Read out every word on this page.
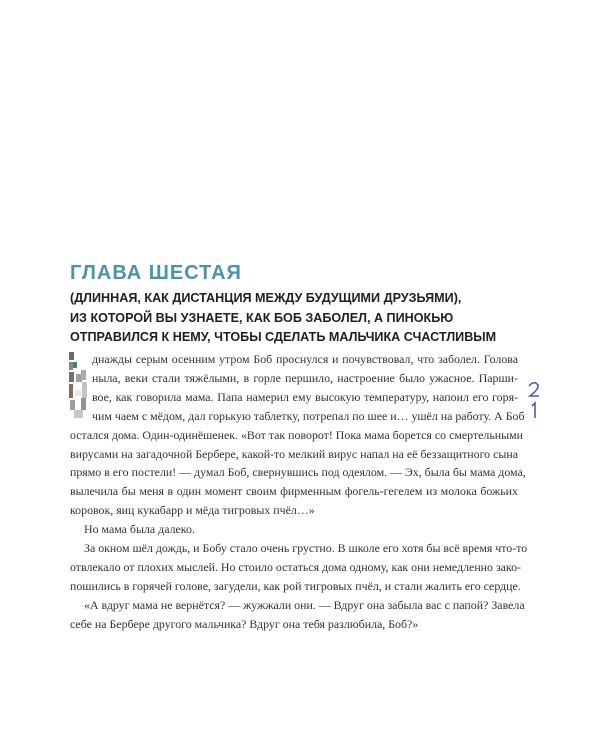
ГЛАВА ШЕСТАЯ
(ДЛИННАЯ, КАК ДИСТАНЦИЯ МЕЖДУ БУДУЩИМИ ДРУЗЬЯМИ),
ИЗ КОТОРОЙ ВЫ УЗНАЕТЕ, КАК БОБ ЗАБОЛЕЛ, А ПИНОКЬЮ
ОТПРАВИЛСЯ К НЕМУ, ЧТОБЫ СДЕЛАТЬ МАЛЬЧИКА СЧАСТЛИВЫМ

днажды серым осенним утром Боб проснулся и почувствовал, что заболел. Голова
ныла, веки стали тяжёлыми, в горле першило, настроение было ужасное. Парши-
вое, как говорила мама. Папа намерил ему высокую температуру, напоил его горя-
чим чаем с мёдом, дал горькую таблетку, потрепал по шее и… ушёл на работу. А Боб
остался дома. Один-одинёшенек. «Вот так поворот! Пока мама борется со смертельными
вирусами на загадочной Бербере, какой-то мелкий вирус напал на её беззащитного сына
прямо в его постели! — думал Боб, свернувшись под одеялом. — Эх, была бы мама дома,
вылечила бы меня в один момент своим фирменным фогель-гегелем из молока божьих
коровок, яиц кукабарр и мёда тигровых пчёл…»

Но мама была далеко.

За окном шёл дождь, и Бобу стало очень грустно. В школе его хотя бы всё время что-то
отвлекало от плохих мыслей. Но стоило остаться дома одному, как они немедленно зако-
пошились в горячей голове, загудели, как рой тигровых пчёл, и стали жалить его сердце.

«А вдруг мама не вернётся? — жужжали они. — Вдруг она забыла вас с папой? Завела
себе на Бербере другого мальчика? Вдруг она тебя разлюбила, Боб?»
